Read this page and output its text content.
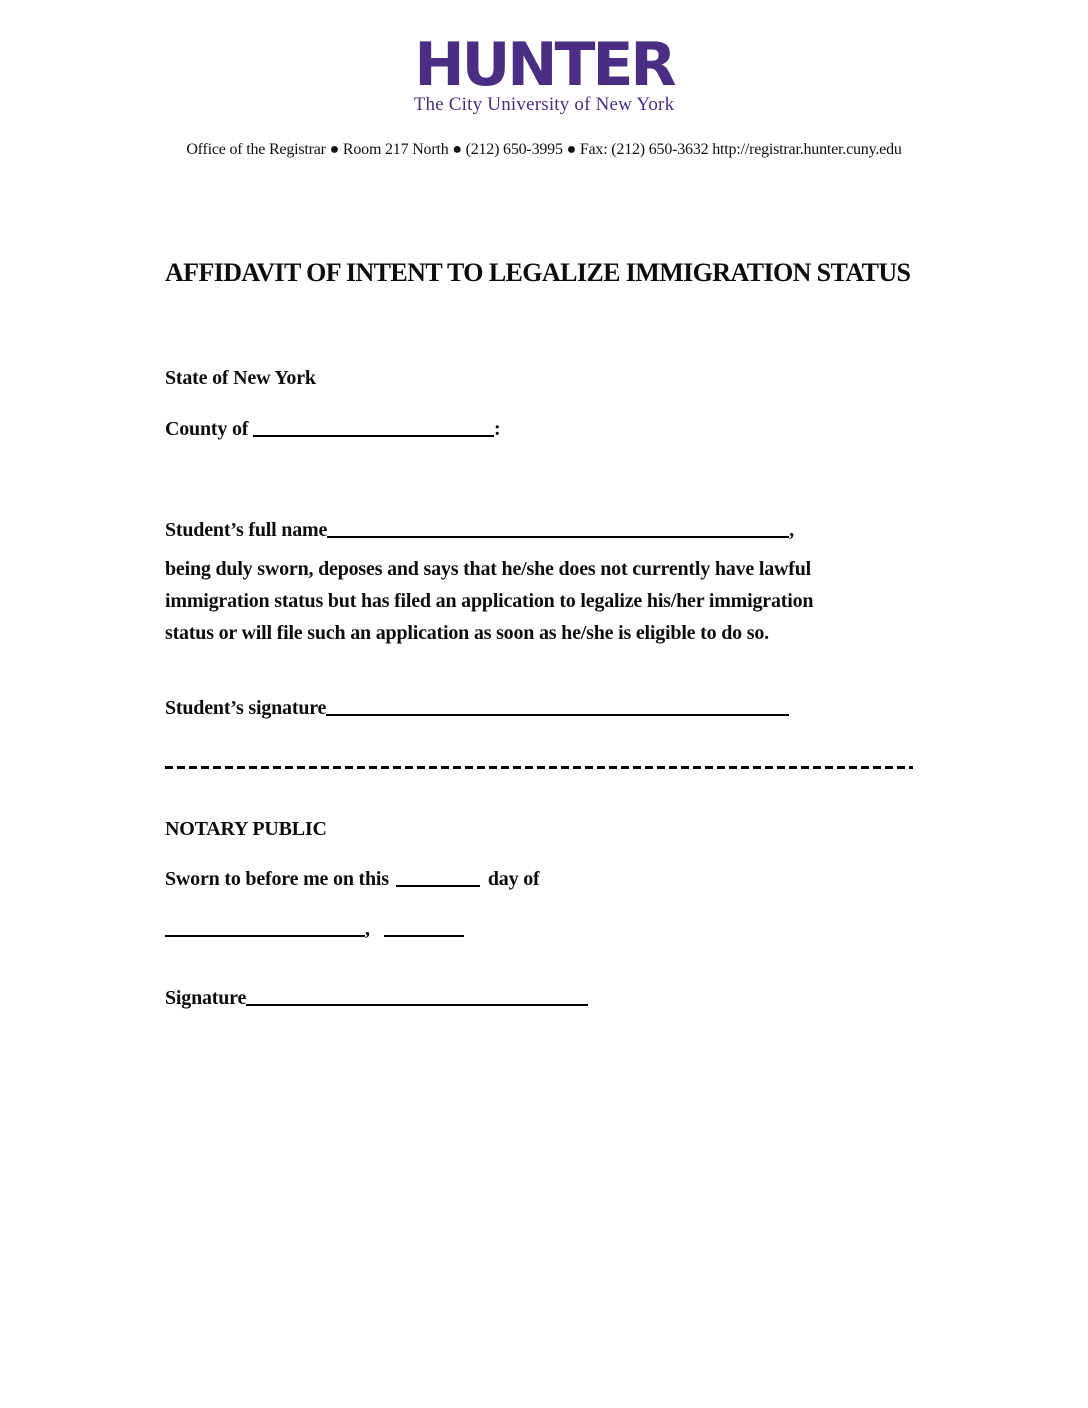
HUNTER
The City University of New York
Office of the Registrar ● Room 217 North ● (212) 650-3995 ● Fax: (212) 650-3632 http://registrar.hunter.cuny.edu
AFFIDAVIT OF INTENT TO LEGALIZE IMMIGRATION STATUS
State of New York
County of	:
Student’s full name	,
being duly sworn, deposes and says that he/she does not currently have lawful
immigration status but has filed an application to legalize his/her immigration
status or will file such an application as soon as he/she is eligible to do so.
Student’s signature
NOTARY PUBLIC
Sworn to before me on this	day of
,
Signature
